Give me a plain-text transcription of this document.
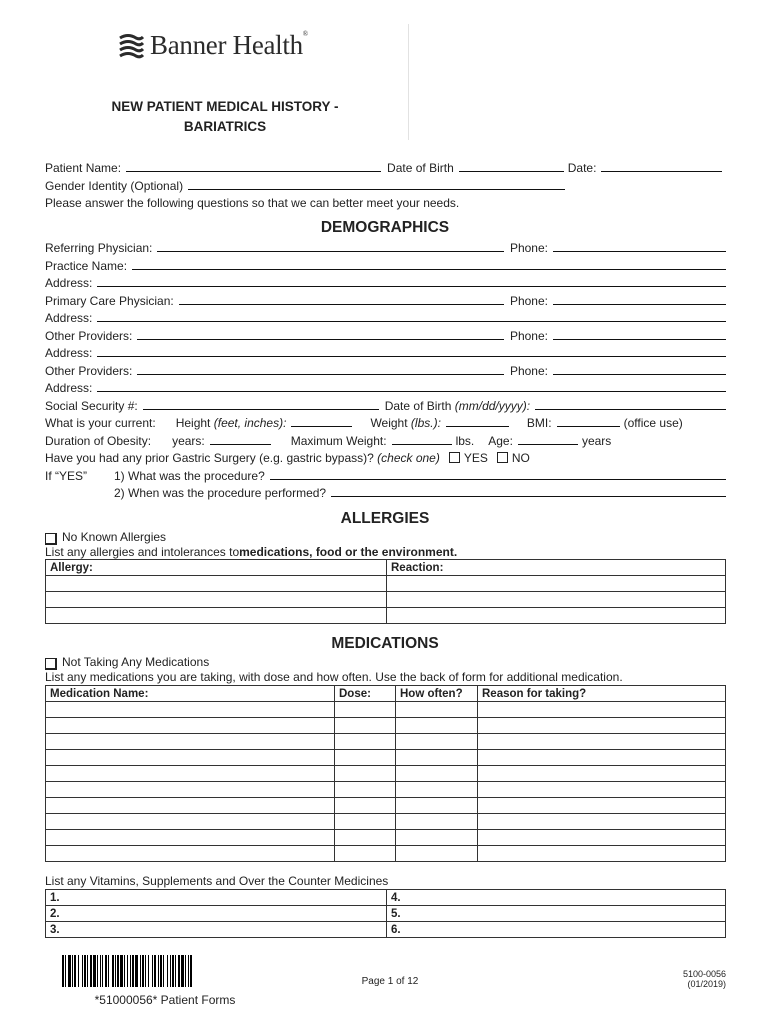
Banner Health®
NEW PATIENT MEDICAL HISTORY -
BARIATRICS
Patient Name:	Date of Birth	Date:
Gender Identity (Optional)
Please answer the following questions so that we can better meet your needs.
DEMOGRAPHICS
Referring Physician:	Phone:
Practice Name:
Address:
Primary Care Physician:	Phone:
Address:
Other Providers:	Phone:
Address:
Other Providers:	Phone:
Address:
Social Security #:	Date of Birth
(mm/dd/yyyy):
What is your current: Height
(feet, inches):	Weight
(lbs.):	BMI:	(office use)
Duration of Obesity: years:	Maximum Weight:	lbs. Age:	years
Have you had any prior Gastric Surgery (e.g. gastric bypass)?
(check one)	YES	NO
If “YES”	1) What was the procedure?
2) When was the procedure performed?
ALLERGIES
No Known Allergies
List any allergies and intolerances to medications, food or the environment.
Allergy:	Reaction:

MEDICATIONS
Not Taking Any Medications
List any medications you are taking, with dose and how often. Use the back of form for additional medication.
Medication Name:	Dose:	How often?	Reason for taking?

List any Vitamins, Supplements and Over the Counter Medicines
1.	4.
2.	5.
3.	6.
*51000056* Patient Forms
Page 1 of 12
5100-0056
(01/2019)
